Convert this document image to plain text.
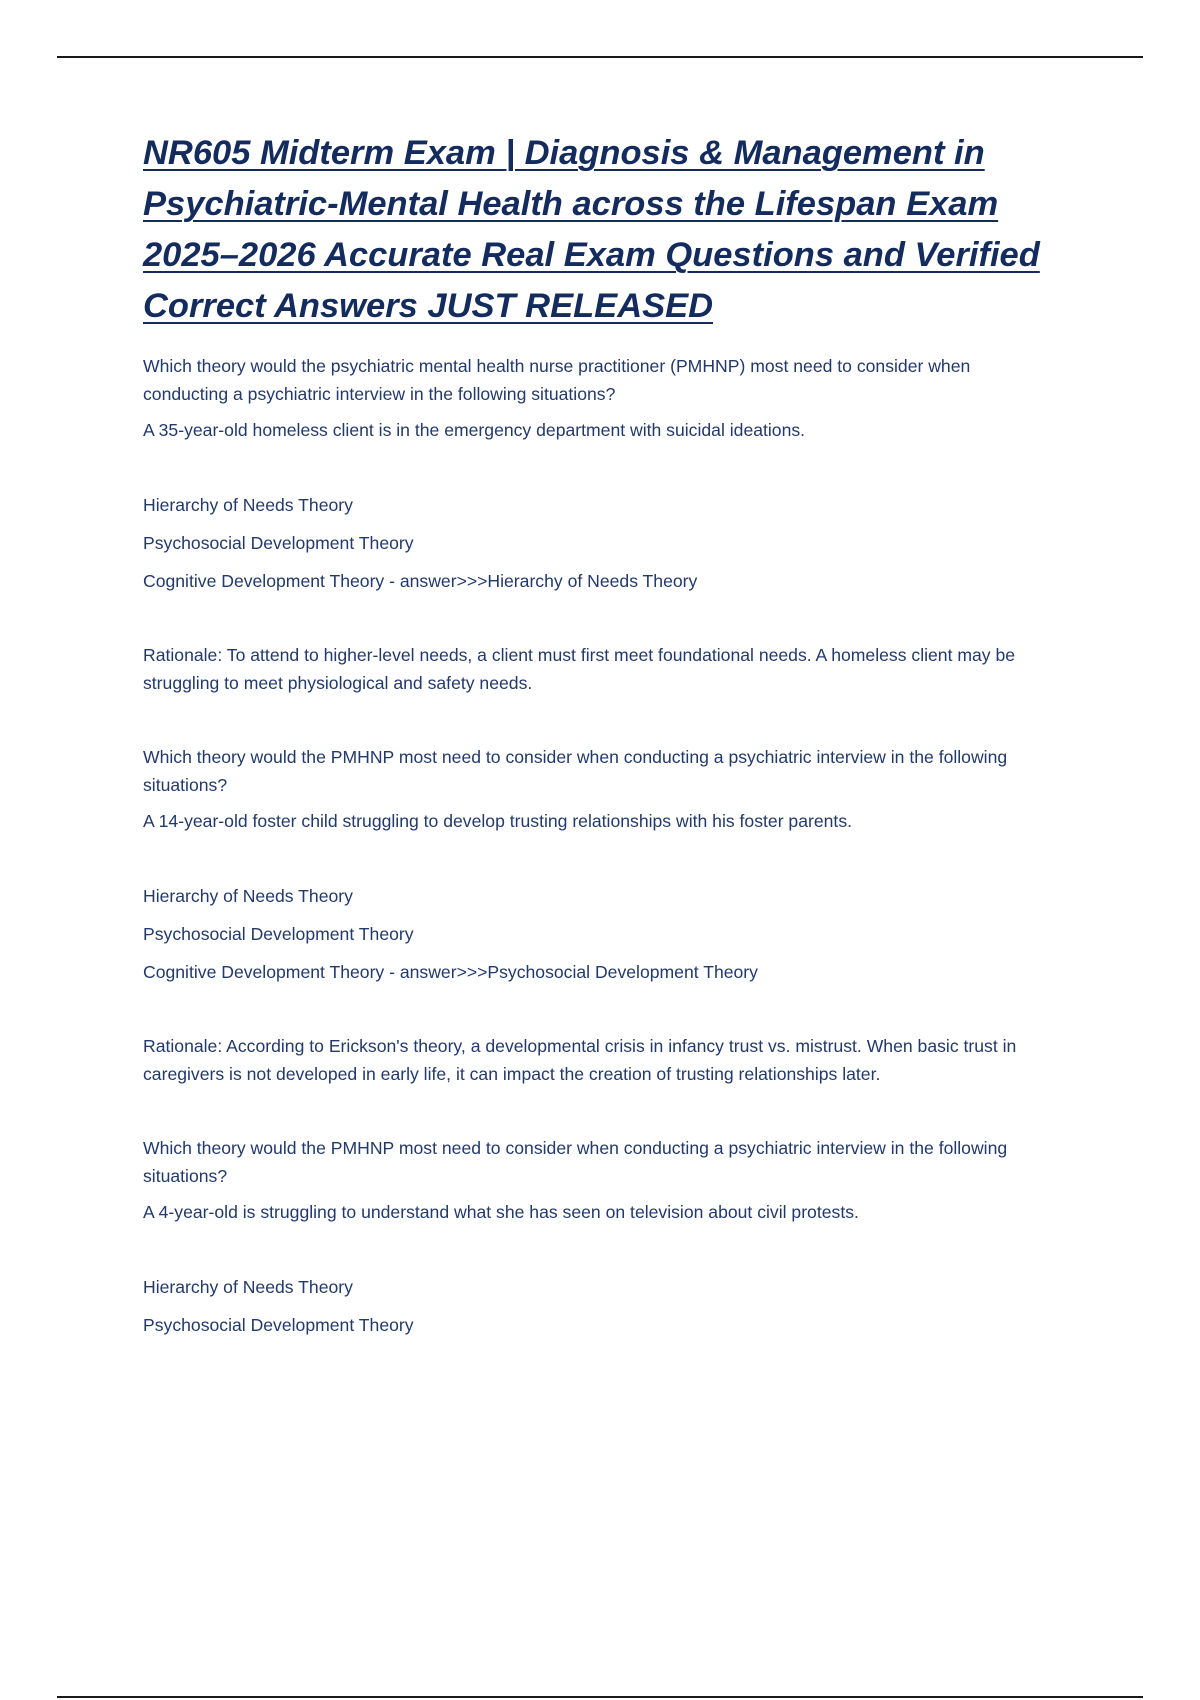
NR605 Midterm Exam | Diagnosis & Management in Psychiatric-Mental Health across the Lifespan Exam 2025–2026 Accurate Real Exam Questions and Verified Correct Answers JUST RELEASED

Which theory would the psychiatric mental health nurse practitioner (PMHNP) most need to consider when conducting a psychiatric interview in the following situations?

A 35-year-old homeless client is in the emergency department with suicidal ideations.

Hierarchy of Needs Theory

Psychosocial Development Theory

Cognitive Development Theory - answer>>>Hierarchy of Needs Theory

Rationale: To attend to higher-level needs, a client must first meet foundational needs. A homeless client may be struggling to meet physiological and safety needs.

Which theory would the PMHNP most need to consider when conducting a psychiatric interview in the following situations?

A 14-year-old foster child struggling to develop trusting relationships with his foster parents.

Hierarchy of Needs Theory

Psychosocial Development Theory

Cognitive Development Theory - answer>>>Psychosocial Development Theory

Rationale: According to Erickson's theory, a developmental crisis in infancy trust vs. mistrust. When basic trust in caregivers is not developed in early life, it can impact the creation of trusting relationships later.

Which theory would the PMHNP most need to consider when conducting a psychiatric interview in the following situations?

A 4-year-old is struggling to understand what she has seen on television about civil protests.

Hierarchy of Needs Theory

Psychosocial Development Theory
